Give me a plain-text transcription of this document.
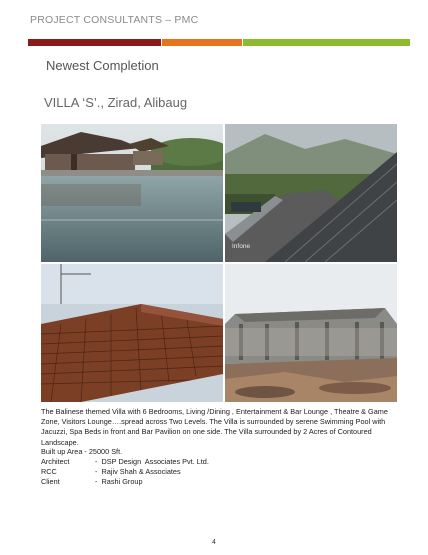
PROJECT CONSULTANTS – PMC
Newest Completion
VILLA ‘S’., Zirad, Alibaug
Infone
The Balinese themed Villa with 6 Bedrooms, Living /Dining , Entertainment & Bar Lounge , Theatre & Game Zone, Visitors Lounge….spread across Two Levels. The Villa is surrounded by serene Swimming Pool with Jacuzzi, Spa Beds in front and Bar Pavilion on one side. The Villa surrounded by 2 Acres of Contoured Landscape.
Built up Area - 25000 Sft.
Architect	-  DSP Design  Associates Pvt. Ltd.
RCC	-  Rajiv Shah & Associates
Client	-  Rashi Group
4
